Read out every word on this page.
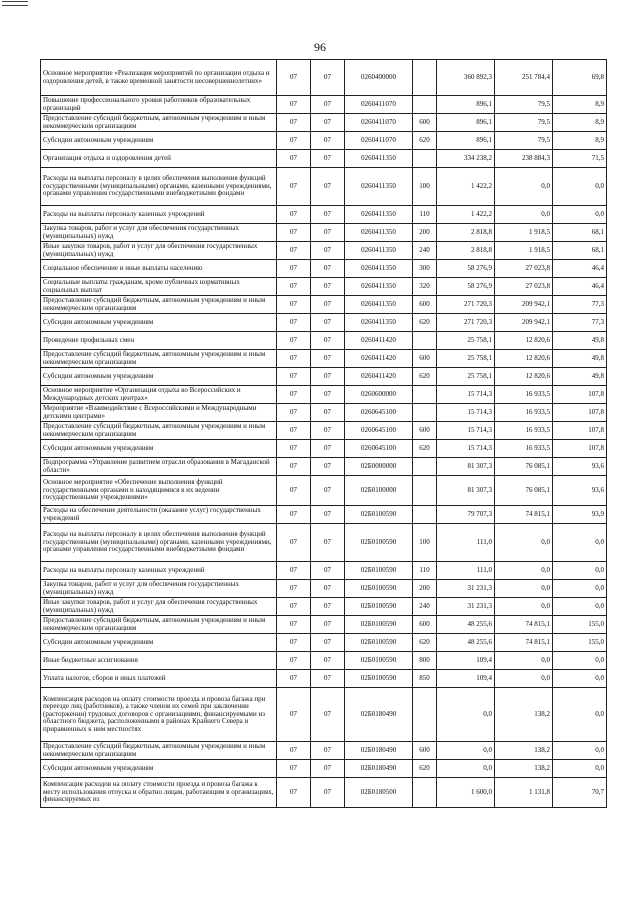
96
Основное мероприятие «Реализация мероприятий по организации отдыха и оздоровления детей, в также временной занятости несовершеннолетних»	07	07	0260400000		360 892,3	251 784,4	69,8
Повышение профессионального уровня работников образовательных организаций	07	07	0260411070		896,1	79,5	8,9
Предоставление субсидий бюджетным, автономным учреждениям и иным некоммерческим организациям	07	07	0260411070	600	896,1	79,5	8,9
Субсидии автономным учреждениям	07	07	0260411070	620	896,1	79,5	8,9
Организация отдыха и оздоровления детей	07	07	0260411350		334 238,2	238 884,3	71,5
Расходы на выплаты персоналу в целях обеспечения выполнения функций государственными (муниципальными) органами, казенными учреждениями, органами управления государственными внебюджетными фондами	07	07	0260411350	100	1 422,2	0,0	0,0
Расходы на выплаты персоналу казенных учреждений	07	07	0260411350	110	1 422,2	0,0	0,0
Закупка товаров, работ и услуг для обеспечения государственных (муниципальных) нужд	07	07	0260411350	200	2 818,8	1 918,5	68,1
Иные закупки товаров, работ и услуг для обеспечения государственных (муниципальных) нужд	07	07	0260411350	240	2 818,8	1 918,5	68,1
Социальное обеспечение и иные выплаты населению	07	07	0260411350	300	58 276,9	27 023,8	46,4
Социальные выплаты гражданам, кроме публичных нормативных социальных выплат	07	07	0260411350	320	58 276,9	27 023,8	46,4
Предоставление субсидий бюджетным, автономным учреждениям и иным некоммерческим организациям	07	07	0260411350	600	271 720,3	209 942,1	77,3
Субсидии автономным учреждениям	07	07	0260411350	620	271 720,3	209 942,1	77,3
Проведение профильных смен	07	07	0260411420		25 758,1	12 820,6	49,8
Предоставление субсидий бюджетным, автономным учреждениям и иным некоммерческим организациям	07	07	0260411420	600	25 758,1	12 820,6	49,8
Субсидии автономным учреждениям	07	07	0260411420	620	25 758,1	12 820,6	49,8
Основное мероприятие «Организация отдыха во Всероссийских и Международных детских центрах»	07	07	0260600000		15 714,3	16 933,5	107,8
Мероприятие «Взаимодействие с Всероссийскими и Международными детскими центрами»	07	07	0260645100		15 714,3	16 933,5	107,8
Предоставление субсидий бюджетным, автономным учреждениям и иным некоммерческим организациям	07	07	0260645100	600	15 714,3	16 933,5	107,8
Субсидии автономным учреждениям	07	07	0260645100	620	15 714,3	16 933,5	107,8
Подпрограмма «Управление развитием отрасли образования в Магаданской области»	07	07	02Б0000000		81 307,3	76 085,1	93,6
Основное мероприятие «Обеспечение выполнения функций государственными органами и находящимися в их ведении государственными учреждениями»	07	07	02Б0100000		81 307,3	76 085,1	93,6
Расходы на обеспечение деятельности (оказание услуг) государственных учреждений	07	07	02Б0100590		79 707,3	74 815,1	93,9
Расходы на выплаты персоналу в целях обеспечения выполнения функций государственными (муниципальными) органами, казенными учреждениями, органами управления государственными внебюджетными фондами	07	07	02Б0100590	100	111,0	0,0	0,0
Расходы на выплаты персоналу казенных учреждений	07	07	02Б0100590	110	111,0	0,0	0,0
Закупка товаров, работ и услуг для обеспечения государственных (муниципальных) нужд	07	07	02Б0100590	200	31 231,3	0,0	0,0
Иные закупки товаров, работ и услуг для обеспечения государственных (муниципальных) нужд	07	07	02Б0100590	240	31 231,3	0,0	0,0
Предоставление субсидий бюджетным, автономным учреждениям и иным некоммерческим организациям	07	07	02Б0100590	600	48 255,6	74 815,1	155,0
Субсидии автономным учреждениям	07	07	02Б0100590	620	48 255,6	74 815,1	155,0
Иные бюджетные ассигнования	07	07	02Б0100590	800	109,4	0,0	0,0
Уплата налогов, сборов и иных платежей	07	07	02Б0100590	850	109,4	0,0	0,0
Компенсация расходов на оплату стоимости проезда и провоза багажа при переезде лиц (работников), а также членов их семей при заключении (расторжении) трудовых договоров с организациями, финансируемыми из областного бюджета, расположенными в районах Крайнего Севера и приравненных к ним местностях	07	07	02Б0180490		0,0	138,2	0,0
Предоставление субсидий бюджетным, автономным учреждениям и иным некоммерческим организациям	07	07	02Б0180490	600	0,0	138,2	0,0
Субсидии автономным учреждениям	07	07	02Б0180490	620	0,0	138,2	0,0
Компенсация расходов на оплату стоимости проезда и провоза багажа к месту использования отпуска и обратно лицам, работающим в организациях, финансируемых из	07	07	02Б0180500		1 600,0	1 131,8	70,7
